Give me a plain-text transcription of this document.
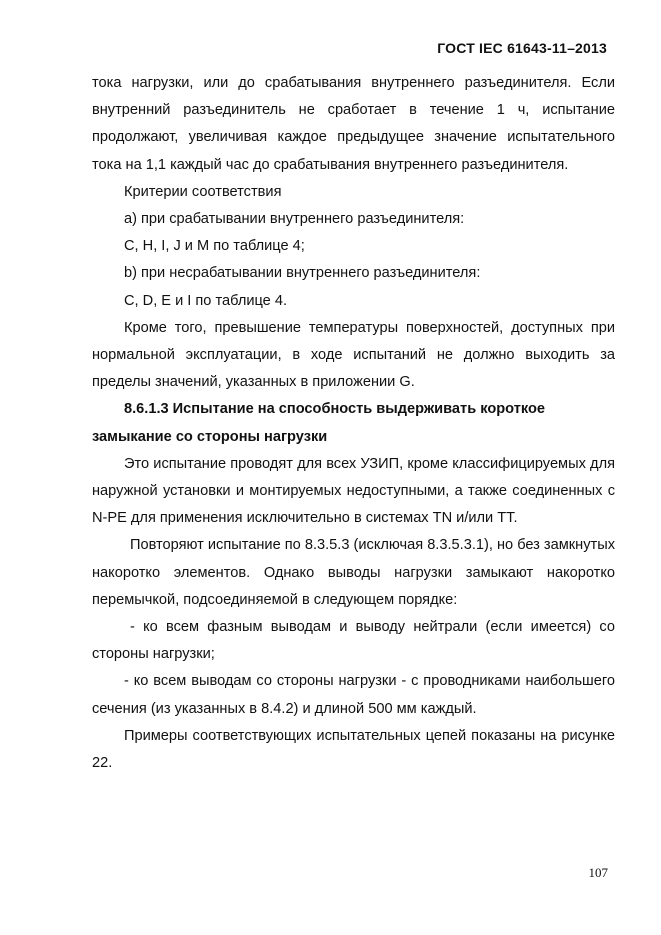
ГОСТ IEC 61643-11–2013

тока нагрузки, или до срабатывания внутреннего разъединителя. Если внутренний разъединитель не сработает в течение 1 ч, испытание продолжают, увеличивая каждое предыдущее значение испытательного тока на 1,1 каждый час до срабатывания внутреннего разъединителя.

Критерии соответствия

a) при срабатывании внутреннего разъединителя:

C, H, I, J и M по таблице 4;

b) при несрабатывании внутреннего разъединителя:

C, D, E и I по таблице 4.

Кроме того, превышение температуры поверхностей, доступных при нормальной эксплуатации, в ходе испытаний не должно выходить за пределы значений, указанных в приложении G.

8.6.1.3 Испытание на способность выдерживать короткое замыкание со стороны нагрузки

Это испытание проводят для всех УЗИП, кроме классифицируемых для наружной установки и монтируемых недоступными, а также соединенных с N-PE для применения исключительно в системах TN и/или TT.

Повторяют испытание по 8.3.5.3 (исключая 8.3.5.3.1), но без замкнутых накоротко элементов. Однако выводы нагрузки замыкают накоротко перемычкой, подсоединяемой в следующем порядке:

- ко всем фазным выводам и выводу нейтрали (если имеется) со стороны нагрузки;

- ко всем выводам со стороны нагрузки - с проводниками наибольшего сечения (из указанных в 8.4.2) и длиной 500 мм каждый.

Примеры соответствующих испытательных цепей показаны на рисунке 22.

107
